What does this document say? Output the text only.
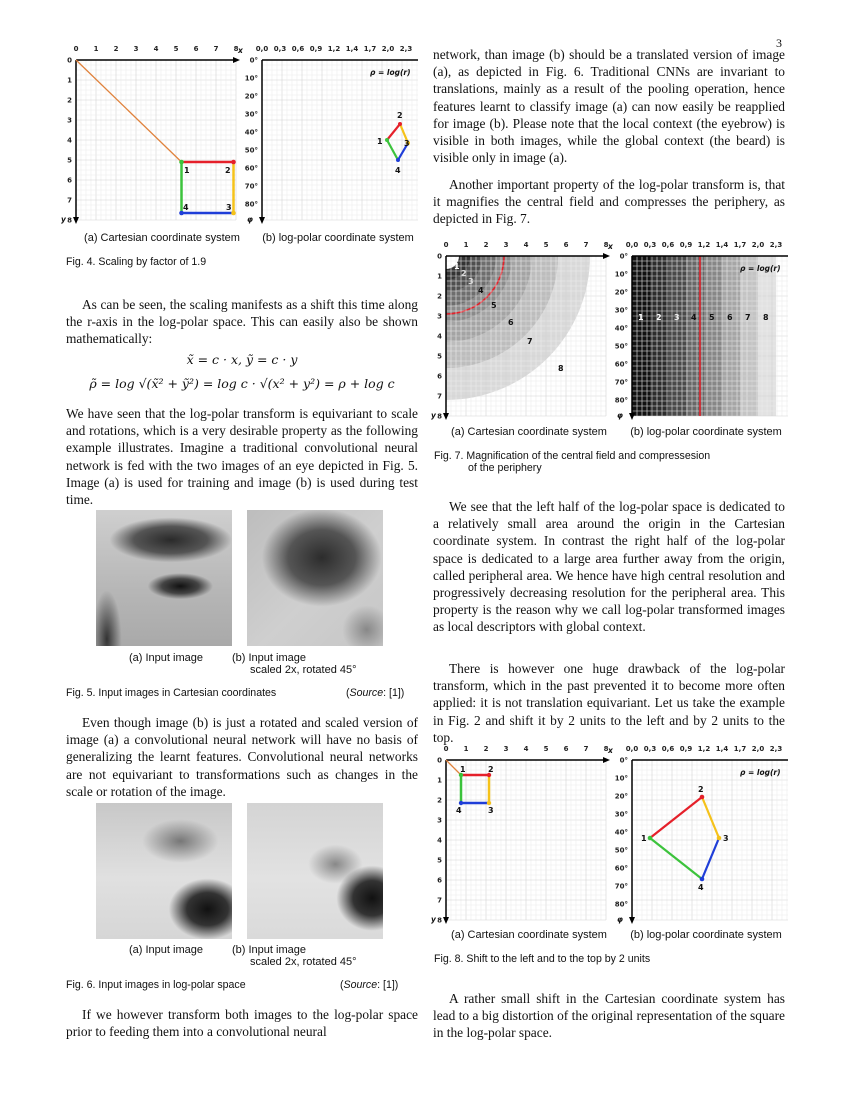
3
0 1 2 3 4 5 6 7 8
0
1
2
3
4
5
6
7
8
x
y
1	2
3
4
0,0 0,3 0,6 0,9 1,2 1,4 1,7 2,0 2,3
0°
10°
20°
30°
40°
50°
60°
70°
80°
ρ = log(r)
φ
1
2
3
4
(a) Cartesian coordinate system	(b) log-polar coordinate system
Fig. 4. Scaling by factor of 1.9

As can be seen, the scaling manifests as a shift this time along the r-axis in the log-polar space. This can easily also be shown mathematically:

x̃ = c · x, ỹ = c · y
ρ̃ = log √(x̃² + ỹ²) = log c · √(x² + y²) = ρ + log c

We have seen that the log-polar transform is equivariant to scale and rotations, which is a very desirable property as the following example illustrates. Imagine a traditional convolutional neural network is fed with the two images of an eye depicted in Fig. 5. Image (a) is used for training and image (b) is used during test time.

(a) Input image	(b) Input image
scaled 2x, rotated 45°
Fig. 5. Input images in Cartesian coordinates	(Source: [1])

Even though image (b) is just a rotated and scaled version of image (a) a convolutional neural network will have no basis of generalizing the learnt features. Convolutional neural networks are not equivariant to transformations such as changes in the scale or rotation of the image.

(a) Input image	(b) Input image
scaled 2x, rotated 45°
Fig. 6. Input images in log-polar space	(Source: [1])

If we however transform both images to the log-polar space prior to feeding them into a convolutional neural

network, than image (b) should be a translated version of image (a), as depicted in Fig. 6. Traditional CNNs are invariant to translations, mainly as a result of the pooling operation, hence features learnt to classify image (a) can now easily be reapplied for image (b). Please note that the local context (the eyebrow) is visible in both images, while the global context (the beard) is visible only in image (a).

Another important property of the log-polar transform is, that it magnifies the central field and compresses the periphery, as depicted in Fig. 7.

0 1 2 3 4 5 6 7 8
0
1
2
3
4
5
6
7
8
x
y
1
2
3
4
5
6
7
8
0,0 0,3 0,6 0,9 1,2 1,4 1,7 2,0 2,3
0°
10°
20°
30°
40°
50°
60°
70°
80°
ρ = log(r)
φ
1 2 3 4 5 6 7 8
(a) Cartesian coordinate system	(b) log-polar coordinate system
Fig. 7. Magnification of the central field and compressesion
of the periphery

We see that the left half of the log-polar space is dedicated to a relatively small area around the origin in the Cartesian coordinate system. In contrast the right half of the log-polar space is dedicated to a large area further away from the origin, called peripheral area. We hence have high central resolution and progressively decreasing resolution for the peripheral area. This property is the reason why we call log-polar transformed images as local descriptors with global context.

There is however one huge drawback of the log-polar transform, which in the past prevented it to become more often applied: it is not translation equivariant. Let us take the example in Fig. 2 and shift it by 2 units to the left and by 2 units to the top.

0 1 2 3 4 5 6 7 8
0
1
2
3
4
5
6
7
8
x
y
1	2
3
4
0,0 0,3 0,6 0,9 1,2 1,4 1,7 2,0 2,3
0°
10°
20°
30°
40°
50°
60°
70°
80°
ρ = log(r)
φ
1
2
3
4
(a) Cartesian coordinate system	(b) log-polar coordinate system
Fig. 8. Shift to the left and to the top by 2 units

A rather small shift in the Cartesian coordinate system has lead to a big distortion of the original representation of the square in the log-polar space.
